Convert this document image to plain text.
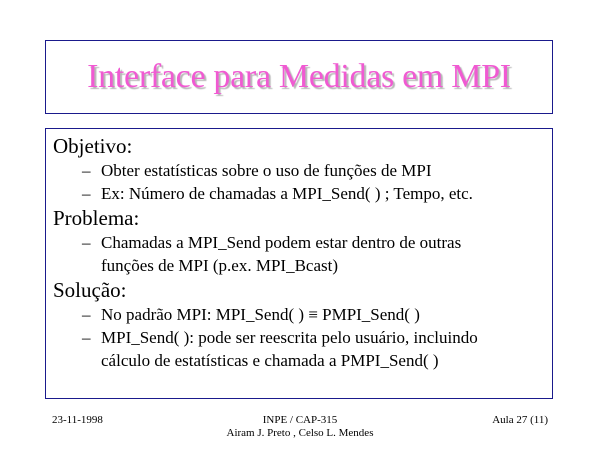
Interface para Medidas em MPI
Objetivo:
– Obter estatísticas sobre o uso de funções de MPI
– Ex: Número de chamadas a MPI_Send( ) ; Tempo, etc.
Problema:
– Chamadas a MPI_Send podem estar dentro de outras
funções de MPI (p.ex. MPI_Bcast)
Solução:
– No padrão MPI: MPI_Send( ) ≡ PMPI_Send( )
– MPI_Send( ): pode ser reescrita pelo usuário, incluindo
cálculo de estatísticas e chamada a PMPI_Send( )
23-11-1998	INPE / CAP-315
Airam J. Preto , Celso L. Mendes
Aula 27 (11)
